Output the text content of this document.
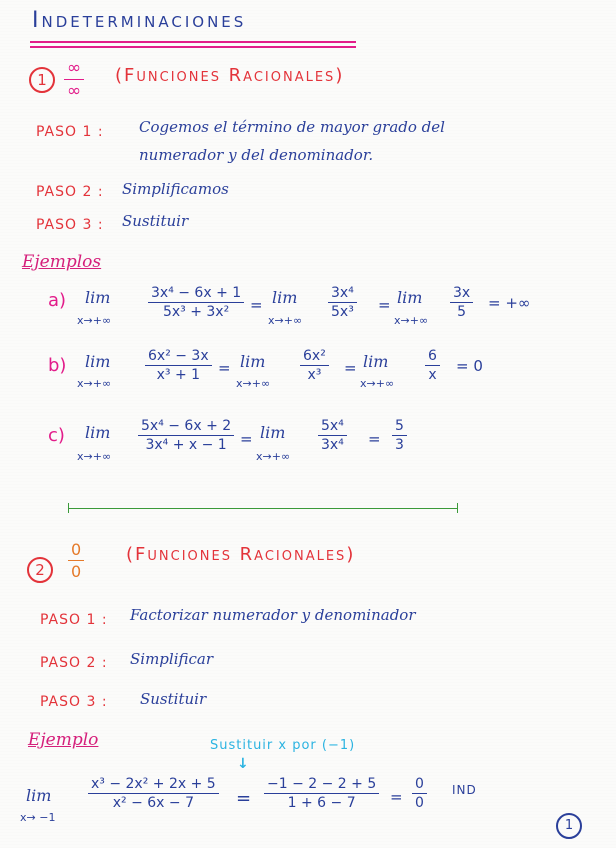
Indeterminaciones
1
∞
∞
(Funciones Racionales)
PASO 1 : Cogemos el término de mayor grado del
numerador y del denominador.
PASO 2 : Simplificamos
PASO 3 : Sustituir
Ejemplos
a) lim
x→+∞
$\frac{\text{3x⁴ − 6x + 1}}{\text{5x³ + 3x²}} = \lim$
x→+∞
$\frac{\text{3x⁴}}{\text{5x³}} = \lim$
x→+∞
$\frac{3x}{5}$ = +∞
b) lim
x→+∞
$\frac{\text{6x² − 3x}}{\text{x³ + 1}} = \lim$
x→+∞
$\frac{\text{6x²}}{\text{x³}} = \lim$
x→+∞
$\frac{6}{x} = 0$
c) lim
x→+∞
$\frac{\text{5x⁴ − 6x + 2}}{\text{3x⁴ + x − 1}} = \lim$
x→+∞
$\frac{\text{5x⁴}}{\text{3x⁴}} = \frac{5}{3}$
2	$\frac{0}{0}$ (Funciones Racionales)
PASO 1 : Factorizar numerador y denominador
PASO 2 : Simplificar
PASO 3 : Sustituir
Ejemplo	Sustituir x por (−1)
↓
lim
x→ −1
$\frac{\text{x³ − 2x² + 2x + 5}}{\text{x² − 6x − 7}} = \frac{-1 - 2 - 2 + 5}{1 + 6 - 7} = \frac{0}{0}$ IND
1
